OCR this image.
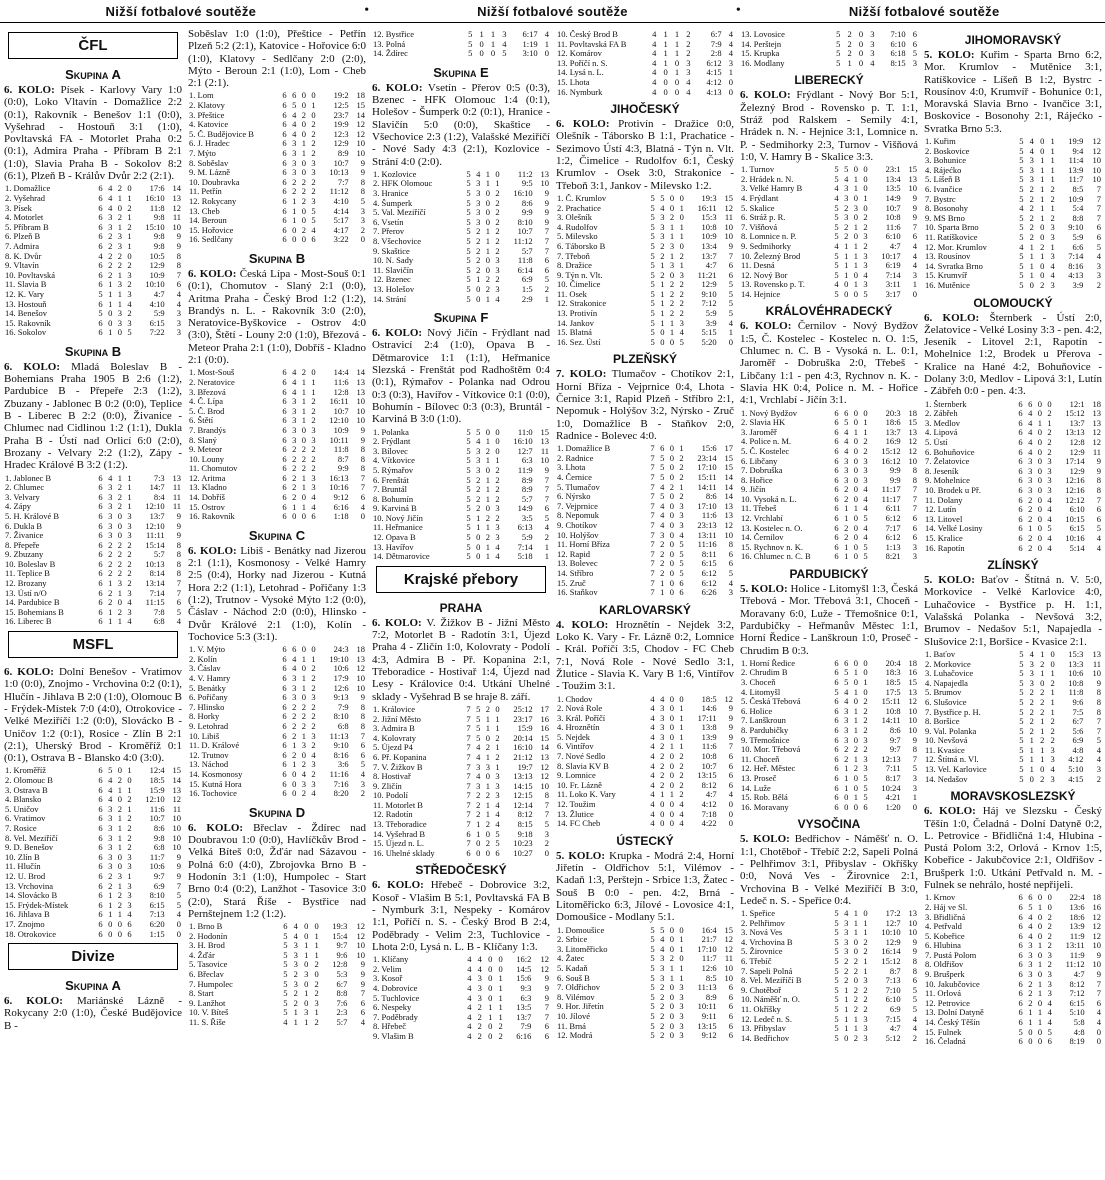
Nižší fotbalové soutěže	•	Nižší fotbalové soutěže	•	Nižší fotbalové soutěže
ČFL
Skupina A

6. KOLO: Písek - Karlovy Vary 1:0 (0:0), Loko Vltavín - Domažlice 2:2 (0:1), Rakovník - Benešov 1:1 (0:0), Vyšehrad - Hostouň 3:1 (1:0), Povltavská FA - Motorlet Praha 0:2 (0:1), Admira Praha - Příbram B 2:1 (1:0), Slavia Praha B - Sokolov 8:2 (6:1), Plzeň B - Králův Dvůr 2:2 (2:1).

1. Domažlice	6	4	2	0	17:6	14
2. Vyšehrad	6	4	1	1	16:10	13
3. Písek	6	4	0	2	11:8	12
4. Motorlet	6	3	2	1	9:8	11
5. Příbram B	6	3	1	2	15:10	10
6. Plzeň B	6	2	3	1	9:8	9
7. Admira	6	2	3	1	9:8	9
8. K. Dvůr	4	2	2	0	10:5	8
9. Vltavín	6	2	2	2	12:9	8
10. Povltavská	6	2	1	3	10:9	7
11. Slavia B	6	1	3	2	10:10	6
12. K. Vary	5	1	1	3	4:7	4
13. Hostouň	6	1	1	4	4:10	4
14. Benešov	5	0	3	2	5:9	3
15. Rakovník	6	0	3	3	6:15	3
16. Sokolov	6	1	0	5	7:22	3
Skupina B

6. KOLO: Mladá Boleslav B - Bohemians Praha 1905 B 2:6 (1:2), Pardubice B - Přepeře 2:3 (1:2), Zbuzany - Jablonec B 0:2 (0:0), Teplice B - Liberec B 2:2 (0:0), Živanice - Chlumec nad Cidlinou 1:2 (1:1), Dukla Praha B - Ústí nad Orlicí 6:0 (2:0), Brozany - Velvary 2:2 (1:2), Zápy - Hradec Králové B 3:2 (1:2).

1. Jablonec B	6	4	1	1	7:3	13
2. Chlumec	6	3	2	1	14:7	11
3. Velvary	6	3	2	1	8:4	11
4. Zápy	6	3	2	1	12:10	11
5. H. Králové B	6	3	0	3	13:7	9
6. Dukla B	6	3	0	3	12:10	9
7. Živanice	6	3	0	3	11:11	9
8. Přepeře	6	2	2	2	15:14	8
9. Zbuzany	6	2	2	2	5:7	8
10. Boleslav B	6	2	2	2	10:13	8
11. Teplice B	6	2	2	2	8:14	8
12. Brozany	6	1	3	2	13:14	7
13. Ústí n/O	6	2	1	3	7:14	7
14. Pardubice B	6	2	0	4	11:15	6
15. Bohemians B	6	1	2	3	7:8	5
16. Liberec B	6	1	1	4	6:8	4
MSFL

6. KOLO: Dolní Benešov - Vratimov 1:0 (0:0), Znojmo - Vrchovina 0:2 (0:1), Hlučín - Jihlava B 2:0 (1:0), Olomouc B - Frýdek-Místek 7:0 (4:0), Otrokovice - Velké Meziříčí 1:2 (0:0), Slovácko B - Uničov 1:2 (0:1), Rosice - Zlín B 2:1 (2:1), Uherský Brod - Kroměříž 0:1 (0:1), Ostrava B - Blansko 4:0 (3:0).

1. Kroměříž	6	5	0	1	12:4	15
2. Olomouc B	6	4	2	0	18:5	14
3. Ostrava B	6	4	1	1	15:9	13
4. Blansko	6	4	0	2	12:10	12
5. Uničov	6	3	2	1	11:6	11
6. Vratimov	6	3	1	2	10:7	10
7. Rosice	6	3	1	2	8:6	10
8. Vel. Meziříčí	6	3	1	2	9:8	10
9. D. Benešov	6	3	1	2	6:8	10
10. Zlín B	6	3	0	3	11:7	9
11. Hlučín	6	3	0	3	10:6	9
12. U. Brod	6	2	3	1	9:7	9
13. Vrchovina	6	2	1	3	6:9	7
14. Slovácko B	6	1	2	3	8:10	5
15. Frýdek-Místek	6	1	2	3	6:15	5
16. Jihlava B	6	1	1	4	7:13	4
17. Znojmo	6	0	0	6	6:20	0
18. Otrokovice	6	0	0	6	1:15	0
Divize
Skupina A

6. KOLO: Mariánské Lázně - Rokycany 2:0 (1:0), České Budějovice B -

Soběslav 1:0 (1:0), Přeštice - Petřín Plzeň 5:2 (2:1), Katovice - Hořovice 6:0 (1:0), Klatovy - Sedlčany 2:0 (2:0), Mýto - Beroun 2:1 (1:0), Lom - Cheb 2:1 (2:1).

1. Lom	6	6	0	0	19:2	18
2. Klatovy	6	5	0	1	12:5	15
3. Přeštice	6	4	2	0	23:7	14
4. Katovice	6	4	0	2	19:9	12
5. Č. Budějovice B	6	4	0	2	12:3	12
6. J. Hradec	6	3	1	2	12:9	10
7. Mýto	6	3	1	2	8:9	10
8. Soběslav	6	3	0	3	10:7	9
9. M. Lázně	6	3	0	3	10:13	9
10. Doubravka	6	2	2	2	7:7	8
11. Petřín	6	2	2	2	11:12	8
12. Rokycany	6	1	2	3	4:10	5
13. Cheb	6	1	0	5	4:14	3
14. Beroun	6	1	0	5	5:17	3
15. Hořovice	6	0	2	4	4:17	2
16. Sedlčany	6	0	0	6	3:22	0
Skupina B

6. KOLO: Česká Lípa - Most-Souš 0:1 (0:1), Chomutov - Slaný 2:1 (0:0), Aritma Praha - Český Brod 1:2 (1:2), Brandýs n. L. - Rakovník 3:0 (2:0), Neratovice-Byškovice - Ostrov 4:0 (3:0), Štětí - Louny 2:0 (1:0), Březová - Meteor Praha 2:1 (1:0), Dobříš - Kladno 2:1 (0:0).

1. Most-Souš	6	4	2	0	14:4	14
2. Neratovice	6	4	1	1	11:6	13
3. Březová	6	4	1	1	12:8	13
4. Č. Lípa	6	3	1	2	16:11	10
5. Č. Brod	6	3	1	2	10:7	10
6. Štětí	6	3	1	2	12:10	10
7. Brandýs	6	3	0	3	10:9	9
8. Slaný	6	3	0	3	10:11	9
9. Meteor	6	2	2	2	11:8	8
10. Louny	6	2	2	2	8:7	8
11. Chomutov	6	2	2	2	9:9	8
12. Aritma	6	2	1	3	16:13	7
13. Kladno	6	2	1	3	10:16	7
14. Dobříš	6	2	0	4	9:12	6
15. Ostrov	6	1	1	4	6:16	4
16. Rakovník	6	0	0	6	1:18	0
Skupina C

6. KOLO: Libiš - Benátky nad Jizerou 2:1 (1:1), Kosmonosy - Velké Hamry 2:5 (0:4), Horky nad Jizerou - Kutná Hora 2:2 (1:1), Letohrad - Pořičany 1:3 (1:2), Trutnov - Vysoké Mýto 1:2 (0:0), Čáslav - Náchod 2:0 (0:0), Hlinsko - Dvůr Králové 2:1 (1:0), Kolín - Tochovice 5:3 (3:1).

1. V. Mýto	6	6	0	0	24:3	18
2. Kolín	6	4	1	1	19:10	13
3. Čáslav	6	4	0	2	10:6	12
4. V. Hamry	6	3	1	2	17:9	10
5. Benátky	6	3	1	2	12:6	10
6. Pořičany	6	3	0	3	9:13	9
7. Hlinsko	6	2	2	2	7:9	8
8. Horky	6	2	2	2	8:10	8
9. Letohrad	6	2	2	2	6:8	8
10. Libiš	6	2	1	3	11:13	7
11. D. Králové	6	1	3	2	9:10	6
12. Trutnov	6	2	0	4	8:16	6
13. Náchod	6	1	2	3	3:6	5
14. Kosmonosy	6	0	4	2	11:16	4
15. Kutná Hora	6	0	3	3	7:16	3
16. Tochovice	6	0	2	4	8:20	2
Skupina D

6. KOLO: Břeclav - Ždírec nad Doubravou 1:0 (0:0), Havlíčkův Brod - Velká Bíteš 0:0, Žďár nad Sázavou - Polná 6:0 (4:0), Zbrojovka Brno B - Hodonín 3:1 (1:0), Humpolec - Start Brno 0:4 (0:2), Lanžhot - Tasovice 3:0 (2:0), Stará Říše - Bystřice nad Pernštejnem 1:2 (1:2).

1. Brno B	6	4	0	0	19:3	12
2. Hodonín	5	4	0	1	15:4	12
3. H. Brod	5	3	1	1	9:7	10
4. Žďár	5	3	1	1	9:6	10
5. Tasovice	5	3	0	2	12:8	9
6. Břeclav	5	2	3	0	5:3	9
7. Humpolec	5	3	0	2	6:7	9
8. Start	5	2	1	2	8:8	7
9. Lanžhot	5	2	0	3	7:6	6
10. V. Bíteš	5	1	3	1	2:3	6
11. S. Říše	4	1	1	2	5:7	4
12. Bystřice	5	1	1	3	6:17	4
13. Polná	5	0	1	4	1:19	1
14. Ždírec	5	0	0	5	3:10	0
Skupina E

6. KOLO: Vsetín - Přerov 0:5 (0:3), Bzenec - HFK Olomouc 1:4 (0:1), Holešov - Šumperk 0:2 (0:1), Hranice - Slavičín 5:0 (0:0), Skaštice - Všechovice 2:3 (1:2), Valašské Meziříčí - Nové Sady 4:3 (2:1), Kozlovice - Strání 4:0 (2:0).

1. Kozlovice	5	4	1	0	11:2	13
2. HFK Olomouc	5	3	1	1	9:5	10
3. Hranice	5	3	0	2	16:10	9
4. Šumperk	5	3	0	2	8:6	9
5. Val. Meziříčí	5	3	0	2	9:9	9
6. Vsetín	5	3	0	2	8:10	9
7. Přerov	5	2	1	2	10:7	7
8. Všechovice	5	2	1	2	11:12	7
9. Skaštice	5	2	1	2	5:7	7
10. N. Sady	5	2	0	3	11:8	6
11. Slavičín	5	2	0	3	6:14	6
12. Bzenec	5	1	2	2	6:9	5
13. Holešov	5	0	2	3	1:5	2
14. Strání	5	0	1	4	2:9	1
Skupina F

6. KOLO: Nový Jičín - Frýdlant nad Ostravicí 2:4 (1:0), Opava B - Dětmarovice 1:1 (1:1), Heřmanice Slezská - Frenštát pod Radhoštěm 0:4 (0:1), Rýmařov - Polanka nad Odrou 0:3 (0:3), Havířov - Vítkovice 0:1 (0:0), Bohumín - Bílovec 0:3 (0:3), Bruntál - Karviná B 3:0 (1:0).

1. Polanka	5	5	0	0	11:0	15
2. Frýdlant	5	4	1	0	16:10	13
3. Bílovec	5	3	2	0	12:7	11
4. Vítkovice	5	3	1	1	6:3	10
5. Rýmařov	5	3	0	2	11:9	9
6. Frenštát	5	2	1	2	8:9	7
7. Bruntál	5	2	1	2	8:9	7
8. Bohumín	5	2	1	2	5:7	7
9. Karviná B	5	2	0	3	14:9	6
10. Nový Jičín	5	1	2	2	3:5	5
11. Heřmanice	5	1	1	3	6:13	4
12. Opava B	5	0	2	3	5:9	2
13. Havířov	5	0	1	4	7:14	1
14. Dětmarovice	5	0	1	4	5:18	1
Krajské přebory
PRAHA

6. KOLO: V. Žižkov B - Jižní Město 7:2, Motorlet B - Radotín 3:1, Újezd Praha 4 - Zličín 1:0, Kolovraty - Podolí 4:3, Admira B - Př. Kopanina 2:1, Třeboradice - Hostivař 1:4, Újezd nad Lesy - Královice 0:4. Utkání Uhelné sklady - Vyšehrad B se hraje 8. září.

1. Královice	7	5	2	0	25:12	17
2. Jižní Město	7	5	1	1	23:17	16
3. Admira B	7	5	1	1	15:9	16
4. Kolovraty	7	5	0	2	20:14	15
5. Újezd P4	7	4	2	1	16:10	14
6. Př. Kopanina	7	4	1	2	21:12	13
7. V. Žižkov B	7	3	3	1	19:7	12
8. Hostivař	7	4	0	3	13:13	12
9. Zličín	7	3	1	3	14:15	10
10. Podolí	7	2	2	3	12:15	8
11. Motorlet B	7	2	1	4	12:14	7
12. Radotín	7	2	1	4	8:12	7
13. Třeboradice	7	1	2	4	8:15	5
14. Vyšehrad B	6	1	0	5	9:18	3
15. Újezd n. L.	7	0	2	5	10:23	2
16. Uhelné sklady	6	0	0	6	10:27	0
STŘEDOČESKÝ

6. KOLO: Hřebeč - Dobrovice 3:2, Kosoř - Vlašim B 5:1, Povltavská FA B - Nymburk 3:1, Nespeky - Komárov 1:1, Poříčí n. S. - Český Brod B 2:4, Poděbrady - Velim 2:3, Tuchlovice - Lhota 2:0, Lysá n. L. B - Klíčany 1:3.

1. Klíčany	4	4	0	0	16:2	12
2. Velim	4	4	0	0	14:5	12
3. Kosoř	4	3	0	1	15:6	9
4. Dobrovice	4	3	0	1	9:3	9
5. Tuchlovice	4	3	0	1	6:3	9
6. Nespeky	4	2	1	1	13:5	7
7. Poděbrady	4	2	1	1	13:7	7
8. Hřebeč	4	2	0	2	7:9	6
9. Vlašim B	4	2	0	2	6:16	6
10. Český Brod B	4	1	1	2	6:7	4
11. Povltavská FA B	4	1	1	2	7:9	4
12. Komárov	4	1	1	2	2:8	4
13. Poříčí n. S.	4	1	0	3	6:12	3
14. Lysá n. L.	4	0	1	3	4:15	1
15. Lhota	4	0	0	4	4:12	0
16. Nymburk	4	0	0	4	4:13	0
JIHOČESKÝ

6. KOLO: Protivín - Dražice 0:0, Olešník - Táborsko B 1:1, Prachatice - Sezimovo Ústí 4:3, Blatná - Týn n. Vlt. 1:2, Čimelice - Rudolfov 6:1, Český Krumlov - Osek 3:0, Strakonice - Třeboň 3:1, Jankov - Milevsko 1:2.

1. Č. Krumlov	5	5	0	0	19:3	15
2. Prachatice	5	4	0	1	16:11	12
3. Olešník	5	3	2	0	15:3	11
4. Rudolfov	5	3	1	1	10:8	10
5. Milevsko	5	3	1	1	10:9	10
6. Táborsko B	5	2	3	0	13:4	9
7. Třeboň	5	2	1	2	13:7	7
8. Dražice	5	1	3	1	4:7	6
9. Týn n. Vlt.	5	2	0	3	11:21	6
10. Čimelice	5	1	2	2	12:9	5
11. Osek	5	1	2	2	9:10	5
12. Strakonice	5	1	2	2	7:12	5
13. Protivín	5	1	2	2	5:9	5
14. Jankov	5	1	1	3	3:9	4
15. Blatná	5	0	1	4	5:15	1
16. Sez. Ústí	5	0	0	5	5:20	0
PLZEŇSKÝ

7. KOLO: Tlumačov - Chotíkov 2:1, Horní Bříza - Vejprnice 0:4, Lhota - Černice 3:1, Rapid Plzeň - Stříbro 2:1, Nepomuk - Holýšov 3:2, Nýrsko - Zruč 1:0, Domažlice B - Staňkov 2:0, Radnice - Bolevec 4:0.

1. Domažlice B	7	6	0	1	15:6	17
2. Radnice	7	5	0	2	23:14	15
3. Lhota	7	5	0	2	17:10	15
4. Černice	7	5	0	2	15:11	14
5. Tlumačov	7	4	2	1	14:11	14
6. Nýrsko	7	5	0	2	8:6	14
7. Vejprnice	7	4	0	3	17:10	13
8. Nepomuk	7	4	0	3	11:6	13
9. Chotíkov	7	4	0	3	23:13	12
10. Holýšov	7	3	0	4	13:11	10
11. Horní Bříza	7	2	0	5	11:16	8
12. Rapid	7	2	0	5	8:11	6
13. Bolevec	7	2	0	5	6:15	6
14. Stříbro	7	2	0	5	6:12	5
15. Zruč	7	1	0	6	6:12	4
16. Staňkov	7	1	0	6	6:26	3
KARLOVARSKÝ

4. KOLO: Hroznětín - Nejdek 3:2, Loko K. Vary - Fr. Lázně 0:2, Lomnice - Král. Poříčí 3:5, Chodov - FC Cheb 7:1, Nová Role - Nové Sedlo 3:1, Žlutice - Slavia K. Vary B 1:6, Vintířov - Toužim 3:1.

1. Chodov	4	4	0	0	18:5	12
2. Nová Role	4	3	0	1	14:6	9
3. Král. Poříčí	4	3	0	1	17:11	9
4. Hroznětín	4	3	0	1	13:8	9
5. Nejdek	4	3	0	1	13:9	9
6. Vintířov	4	2	1	1	11:6	7
7. Nové Sedlo	4	2	0	2	10:8	6
8. Slavia KV B	4	2	0	2	10:7	6
9. Lomnice	4	2	0	2	13:15	6
10. Fr. Lázně	4	2	0	2	8:12	6
11. Loko K. Vary	4	1	1	2	4:7	4
12. Toužim	4	0	0	4	4:12	0
13. Žlutice	4	0	0	4	7:18	0
14. FC Cheb	4	0	0	4	4:22	0
ÚSTECKÝ

5. KOLO: Krupka - Modrá 2:4, Horní Jiřetín - Oldřichov 5:1, Vilémov - Kadaň 1:3, Perštejn - Srbice 1:3, Žatec - Souš B 0:0 - pen. 4:2, Brná - Litoměřicko 6:3, Jílové - Lovosice 4:1, Domoušice - Modlany 5:1.

1. Domoušice	5	5	0	0	16:4	15
2. Srbice	5	4	0	1	21:7	12
3. Litoměřicko	5	4	0	1	17:10	12
4. Žatec	5	3	2	0	11:7	11
5. Kadaň	5	3	1	1	12:6	10
6. Souš B	5	3	1	1	8:5	10
7. Oldřichov	5	2	0	3	11:13	6
8. Vilémov	5	2	0	3	8:9	6
9. Hor. Jiřetín	5	2	0	3	10:11	6
10. Jílové	5	2	0	3	9:11	6
11. Brná	5	2	0	3	13:15	6
12. Modrá	5	2	0	3	9:12	6
13. Lovosice	5	2	0	3	7:10	6
14. Perštejn	5	2	0	3	6:10	6
15. Krupka	5	2	0	3	6:18	5
16. Modlany	5	1	0	4	8:15	3
LIBERECKÝ

6. KOLO: Frýdlant - Nový Bor 5:1, Železný Brod - Rovensko p. T. 1:1, Stráž pod Ralskem - Semily 4:1, Hrádek n. N. - Hejnice 3:1, Lomnice n. P. - Sedmihorky 2:3, Turnov - Višňová 1:0, V. Hamry B - Skalice 3:3.

1. Turnov	5	5	0	0	23:1	15
2. Hrádek n. N.	5	4	1	0	13:4	13
3. Velké Hamry B	4	3	1	0	13:5	10
4. Frýdlant	4	3	0	1	14:9	9
5. Skalice	5	2	3	0	10:7	9
6. Stráž p. R.	5	3	0	2	10:8	9
7. Višňová	5	2	1	2	11:6	7
8. Lomnice n. P.	5	2	0	3	6:10	6
9. Sedmihorky	4	1	1	2	4:7	4
10. Železný Brod	5	1	1	3	10:17	4
11. Desná	5	1	1	3	6:19	4
12. Nový Bor	5	1	0	4	7:14	3
13. Rovensko p. T.	4	0	1	3	3:11	1
14. Hejnice	5	0	0	5	3:17	0
KRÁLOVÉHRADECKÝ

6. KOLO: Černilov - Nový Bydžov 1:5, Č. Kostelec - Kostelec n. O. 1:5, Chlumec n. C. B - Vysoká n. L. 0:1, Jaroměř - Dobruška 2:0, Třebeš - Libčany 1:1 - pen 4:3, Rychnov n. K. - Slavia HK 0:4, Police n. M. - Hořice 4:1, Vrchlabí - Jičín 3:1.

1. Nový Bydžov	6	6	0	0	20:3	18
2. Slavia HK	6	5	0	1	18:6	15
3. Jaroměř	6	4	1	1	13:7	13
4. Police n. M.	6	4	0	2	16:9	12
5. Č. Kostelec	6	4	0	2	15:12	12
6. Libčany	6	3	0	3	16:12	10
7. Dobruška	6	3	0	3	9:9	8
8. Hořice	6	3	0	3	9:9	8
9. Jičín	6	2	0	4	11:17	7
10. Vysoká n. L.	6	2	0	4	11:17	7
11. Třebeš	6	1	1	4	6:11	7
12. Vrchlabí	6	1	0	5	6:12	6
13. Kostelec n. O.	6	2	0	4	7:17	6
14. Černilov	6	2	0	4	6:12	6
15. Rychnov n. K.	6	1	0	5	1:13	3
16. Chlumec n. C. B	6	1	0	5	8:21	3
PARDUBICKÝ

5. KOLO: Holice - Litomyšl 1:3, Česká Třebová - Mor. Třebová 3:1, Choceň - Moravany 6:0, Luže - Třemošnice 0:1, Pardubičky - Heřmanův Městec 1:1, Horní Ředice - Lanškroun 1:0, Proseč - Chrudim B 0:3.

1. Horní Ředice	6	6	0	0	20:4	18
2. Chrudim B	6	5	1	0	18:3	16
3. Choceň	6	5	0	1	18:5	15
4. Litomyšl	5	4	1	0	17:5	13
5. Česká Třebová	6	4	0	2	15:11	12
6. Holice	6	3	1	2	10:8	10
7. Lanškroun	6	3	1	2	14:11	10
8. Pardubičky	6	3	1	2	8:6	10
9. Třemošnice	6	3	0	3	9:7	9
10. Mor. Třebová	6	2	2	2	9:7	8
11. Choceň	6	2	1	3	12:13	7
12. Heř. Městec	6	1	2	3	7:11	5
13. Proseč	6	1	0	5	8:17	3
14. Luže	6	1	0	5	10:24	3
15. Rob. Bělá	6	0	1	5	4:21	1
16. Moravany	6	0	0	6	1:20	0
VYSOČINA

5. KOLO: Bedřichov - Náměšť n. O. 1:1, Chotěboř - Třebíč 2:2, Sapeli Polná - Pelhřimov 3:1, Přibyslav - Okříšky 0:0, Nová Ves - Žirovnice 2:1, Vrchovina B - Velké Meziříčí B 3:0, Ledeč n. S. - Speřice 0:4.

1. Speřice	5	4	1	0	17:2	13
2. Pelhřimov	5	3	1	1	12:7	10
3. Nová Ves	5	3	1	1	10:10	10
4. Vrchovina B	5	3	0	2	12:9	9
5. Žirovnice	5	3	0	2	16:14	9
6. Třebíč	5	2	2	1	15:12	8
7. Sapeli Polná	5	2	2	1	8:7	8
8. Vel. Meziříčí B	5	2	0	3	7:13	6
9. Chotěboř	5	1	2	2	7:10	5
10. Náměšť n. O.	5	1	2	2	6:10	5
11. Okříšky	5	1	2	2	6:9	5
12. Ledeč n. S.	5	1	1	3	7:15	4
13. Přibyslav	5	1	1	3	4:7	4
14. Bedřichov	5	0	2	3	5:12	2
JIHOMORAVSKÝ

5. KOLO: Kuřim - Sparta Brno 6:2, Mor. Krumlov - Mutěnice 3:1, Ratíškovice - Líšeň B 1:2, Bystrc - Rousínov 4:0, Krumvíř - Bohunice 0:1, Moravská Slavia Brno - Ivančice 3:1, Boskovice - Bosonohy 2:1, Rájećko - Svratka Brno 5:3.

1. Kuřim	5	4	0	1	19:9	12
2. Boskovice	5	4	0	1	9:4	12
3. Bohunice	5	3	1	1	11:4	10
4. Rájećko	5	3	1	1	13:9	10
5. Líšeň B	5	3	1	1	11:7	10
6. Ivančice	5	2	1	2	8:5	7
7. Bystrc	5	2	1	2	10:9	7
8. Bosonohy	4	2	1	1	5:4	7
9. MS Brno	5	2	1	2	8:8	7
10. Sparta Brno	5	2	0	3	9:10	6
11. Ratíškovice	5	2	0	3	5:9	6
12. Mor. Krumlov	4	1	2	1	6:6	5
13. Rousínov	5	1	1	3	7:14	4
14. Svratka Brno	5	1	0	4	8:16	3
15. Krumvíř	5	1	0	4	4:13	3
16. Mutěnice	5	0	2	3	3:9	2
OLOMOUCKÝ

6. KOLO: Šternberk - Ústí 2:0, Želatovice - Velké Losiny 3:3 - pen. 4:2, Jeseník - Litovel 2:1, Rapotín - Mohelnice 1:2, Brodek u Přerova - Kralice na Hané 4:2, Bohuňovice - Dolany 3:0, Medlov - Lipová 3:1, Lutín - Zábřeh 0:0 - pen. 4:3.

1. Šternberk	6	6	0	0	12:1	18
2. Zábřeh	6	4	0	2	15:12	13
3. Medlov	6	4	1	1	13:7	13
4. Lipová	6	4	0	2	13:13	12
5. Ústí	6	4	0	2	12:8	12
6. Bohuňovice	6	4	0	2	12:9	11
7. Želatovice	6	3	0	3	17:14	9
8. Jeseník	6	3	0	3	12:9	9
9. Mohelnice	6	3	0	3	12:16	8
10. Brodek u Př.	6	3	0	3	12:16	8
11. Dolany	6	2	0	4	12:12	7
12. Lutín	6	2	0	4	6:10	6
13. Litovel	6	2	0	4	10:15	6
14. Velké Losiny	6	1	0	5	6:15	5
15. Kralice	6	2	0	4	10:16	4
16. Rapotín	6	2	0	4	5:14	4
ZLÍNSKÝ

5. KOLO: Baťov - Štítná n. V. 5:0, Morkovice - Velké Karlovice 4:0, Luhačovice - Bystřice p. H. 1:1, Valašská Polanka - Nevšová 3:2, Brumov - Nedašov 5:1, Napajedla - Slušovice 2:1, Boršice - Kvasice 2:1.

1. Baťov	5	4	1	0	15:3	13
2. Morkovice	5	3	2	0	13:3	11
3. Luhačovice	5	3	1	1	10:6	10
4. Napajedla	5	3	0	2	10:8	9
5. Brumov	5	2	2	1	11:8	8
6. Slušovice	5	2	2	1	9:6	8
7. Bystřice p. H.	5	2	2	1	7:5	8
8. Boršice	5	2	1	2	6:7	7
9. Val. Polanka	5	2	1	2	5:6	7
10. Nevšová	5	1	2	2	6:9	5
11. Kvasice	5	1	1	3	4:8	4
12. Štítná n. Vl.	5	1	1	3	4:12	4
13. Vel. Karlovice	5	1	0	4	5:10	3
14. Nedašov	5	0	2	3	4:15	2
MORAVSKOSLEZSKÝ

6. KOLO: Háj ve Slezsku - Český Těšín 1:0, Čeladná - Dolní Datyně 0:2, L. Petrovice - Břidličná 1:4, Hlubina - Pustá Polom 3:2, Orlová - Krnov 1:5, Kobeřice - Jakubčovice 2:1, Oldřišov - Brušperk 1:0. Utkání Petřvald n. M. - Fulnek se nehrálo, hosté nepřijeli.

1. Krnov	6	6	0	0	22:4	18
2. Háj ve Sl.	6	5	1	0	13:6	16
3. Břidličná	6	4	0	2	18:6	12
4. Petřvald	6	4	0	2	13:9	12
5. Kobeřice	6	4	0	2	11:9	12
6. Hlubina	6	3	1	2	13:11	10
7. Pustá Polom	6	3	0	3	11:9	9
8. Oldřišov	6	3	1	2	11:12	10
9. Brušperk	6	3	0	3	4:7	9
10. Jakubčovice	6	2	1	3	8:12	7
11. Orlová	6	2	1	3	7:12	7
12. Petrovice	6	2	0	4	6:15	6
13. Dolní Datyně	6	1	1	4	5:10	4
14. Český Těšín	6	1	1	4	5:8	4
15. Fulnek	5	0	0	5	4:8	0
16. Čeladná	6	0	0	6	8:19	0
